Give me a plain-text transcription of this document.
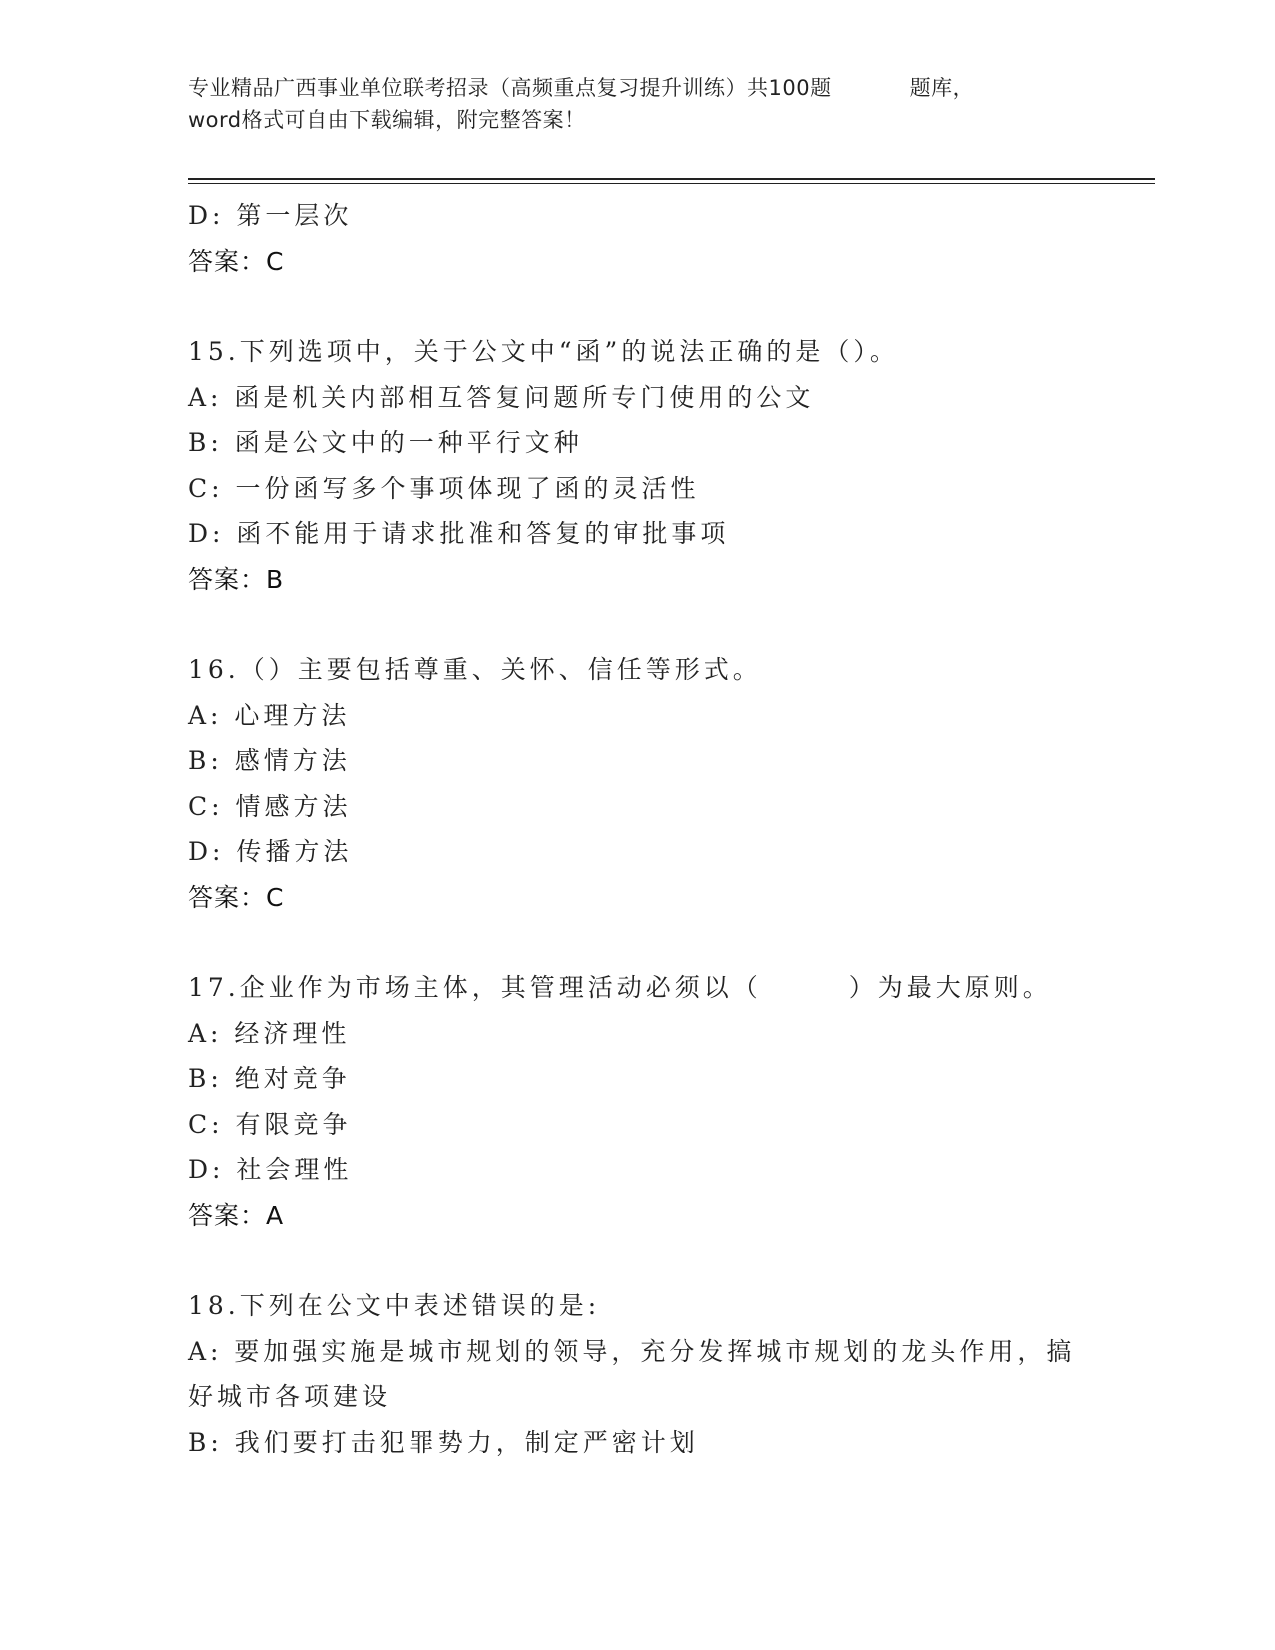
专业精品广西事业单位联考招录（高频重点复习提升训练）共100题	题库，
word格式可自由下载编辑，附完整答案！
D: 第一层次
答案：C
15.下列选项中，关于公文中“函”的说法正确的是（）。
A: 函是机关内部相互答复问题所专门使用的公文
B: 函是公文中的一种平行文种
C: 一份函写多个事项体现了函的灵活性
D: 函不能用于请求批准和答复的审批事项
答案：B
16.（）主要包括尊重、关怀、信任等形式。
A: 心理方法
B: 感情方法
C: 情感方法
D: 传播方法
答案：C
17.企业作为市场主体，其管理活动必须以（　　　）为最大原则。
A: 经济理性
B: 绝对竞争
C: 有限竞争
D: 社会理性
答案：A
18.下列在公文中表述错误的是:
A: 要加强实施是城市规划的领导，充分发挥城市规划的龙头作用，搞
好城市各项建设
B: 我们要打击犯罪势力，制定严密计划
